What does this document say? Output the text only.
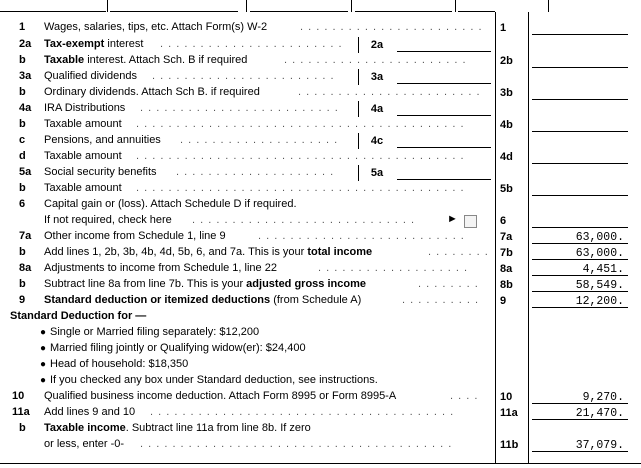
1 Wages, salaries, tips, etc. Attach Form(s) W-2	. . . . . . . . . . . . . . . . . . . . . . .	1
2a Tax-exempt interest . . . . . . . . . . . . . . . . . . . . . . .	2a
b Taxable interest. Attach Sch. B if required	. . . . . . . . . . . . . . . . . . . . . . .	2b
3a Qualified dividends . . . . . . . . . . . . . . . . . . . . . . .	3a
b Ordinary dividends. Attach Sch B. if required	. . . . . . . . . . . . . . . . . . . . . . .	3b
4a IRA Distributions . . . . . . . . . . . . . . . . . . . . . . . . .	4a
b Taxable amount . . . . . . . . . . . . . . . . . . . . . . . . . . . . . . . . . . . . . . . . .	4b
c Pensions, and annuities . . . . . . . . . . . . . . . . . . . .	4c
d Taxable amount . . . . . . . . . . . . . . . . . . . . . . . . . . . . . . . . . . . . . . . . .	4d
5a Social security benefits . . . . . . . . . . . . . . . . . . . .	5a
b Taxable amount . . . . . . . . . . . . . . . . . . . . . . . . . . . . . . . . . . . . . . . . .	5b
6 Capital gain or (loss). Attach Schedule D if required.
If not required, check here . . . . . . . . . . . . . . . . . . . . . . . . . . . .	►	6
7a Other income from Schedule 1, line 9	. . . . . . . . . . . . . . . . . . . . . . . . . .	7a	63,000.
b Add lines 1, 2b, 3b, 4b, 4d, 5b, 6, and 7a. This is your total income	. . . . . . . . 7b	63,000.
8a Adjustments to income from Schedule 1, line 22	. . . . . . . . . . . . . . . . . . .	8a	4,451.
b Subtract line 8a from line 7b. This is your adjusted gross income	. . . . . . . .	8b	58,549.
9 Standard deduction or itemized deductions (from Schedule A)	. . . . . . . . . .	9	12,200.
Standard Deduction for —
● Single or Married filing separately: $12,200
● Married filing jointly or Qualifying widow(er): $24,400
● Head of household: $18,350
● If you checked any box under Standard deduction, see instructions.
10 Qualified business income deduction. Attach Form 8995 or Form 8995-A	. . . .	10	9,270.
11a Add lines 9 and 10 . . . . . . . . . . . . . . . . . . . . . . . . . . . . . . . . . . . . . .	11a	21,470.
b Taxable income. Subtract line 11a from line 8b. If zero
or less, enter -0- . . . . . . . . . . . . . . . . . . . . . . . . . . . . . . . . . . . . . . .	11b	37,079.
